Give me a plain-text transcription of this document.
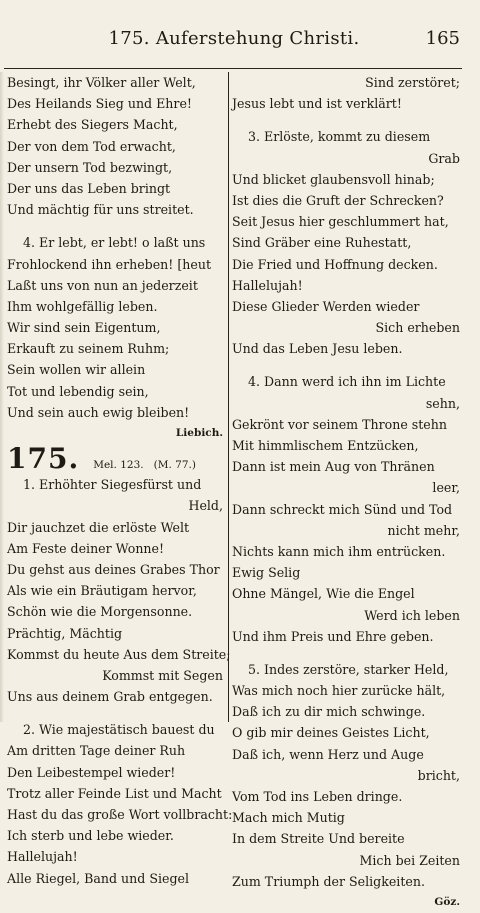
175. Auferstehung Christi.	165
Besingt, ihr Völker aller Welt,
Des Heilands Sieg und Ehre!
Erhebt des Siegers Macht,
Der von dem Tod erwacht,
Der unsern Tod bezwingt,
Der uns das Leben bringt
Und mächtig für uns streitet.
4. Er lebt, er lebt! o laßt uns
Frohlockend ihn erheben! [heut
Laßt uns von nun an jederzeit
Ihm wohlgefällig leben.
Wir sind sein Eigentum,
Erkauft zu seinem Ruhm;
Sein wollen wir allein
Tot und lebendig sein,
Und sein auch ewig bleiben!
Liebich.
175. Mel. 123. (M. 77.)
1. Erhöhter Siegesfürst und
Held,
Dir jauchzet die erlöste Welt
Am Feste deiner Wonne!
Du gehst aus deines Grabes Thor
Als wie ein Bräutigam hervor,
Schön wie die Morgensonne.
Prächtig, Mächtig
Kommst du heute Aus dem Streite;
Kommst mit Segen
Uns aus deinem Grab entgegen.
2. Wie majestätisch bauest du
Am dritten Tage deiner Ruh
Den Leibestempel wieder!
Trotz aller Feinde List und Macht
Hast du das große Wort vollbracht:
Ich sterb und lebe wieder.
Hallelujah!
Alle Riegel, Band und Siegel
Sind zerstöret;
Jesus lebt und ist verklärt!
3. Erlöste, kommt zu diesem
Grab
Und blicket glaubensvoll hinab;
Ist dies die Gruft der Schrecken?
Seit Jesus hier geschlummert hat,
Sind Gräber eine Ruhestatt,
Die Fried und Hoffnung decken.
Hallelujah!
Diese Glieder Werden wieder
Sich erheben
Und das Leben Jesu leben.
4. Dann werd ich ihn im Lichte
sehn,
Gekrönt vor seinem Throne stehn
Mit himmlischem Entzücken,
Dann ist mein Aug von Thränen
leer,
Dann schreckt mich Sünd und Tod
nicht mehr,
Nichts kann mich ihm entrücken.
Ewig Selig
Ohne Mängel, Wie die Engel
Werd ich leben
Und ihm Preis und Ehre geben.
5. Indes zerstöre, starker Held,
Was mich noch hier zurücke hält,
Daß ich zu dir mich schwinge.
O gib mir deines Geistes Licht,
Daß ich, wenn Herz und Auge
bricht,
Vom Tod ins Leben dringe.
Mach mich Mutig
In dem Streite Und bereite
Mich bei Zeiten
Zum Triumph der Seligkeiten.
Göz.
